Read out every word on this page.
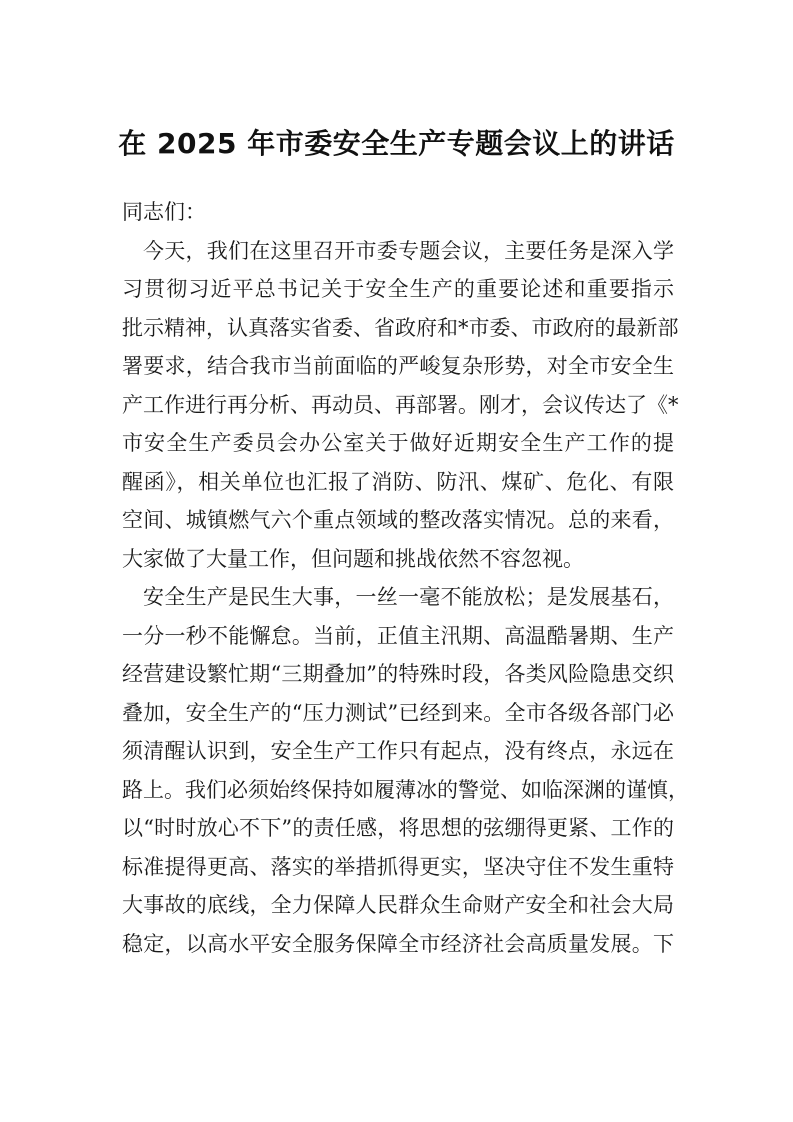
在 2025 年市委安全生产专题会议上的讲话
同志们：
今天，我们在这里召开市委专题会议，主要任务是深入学
习贯彻习近平总书记关于安全生产的重要论述和重要指示
批示精神，认真落实省委、省政府和*市委、市政府的最新部
署要求，结合我市当前面临的严峻复杂形势，对全市安全生
产工作进行再分析、再动员、再部署。刚才，会议传达了《*
市安全生产委员会办公室关于做好近期安全生产工作的提
醒函》，相关单位也汇报了消防、防汛、煤矿、危化、有限
空间、城镇燃气六个重点领域的整改落实情况。总的来看，
大家做了大量工作，但问题和挑战依然不容忽视。
安全生产是民生大事，一丝一毫不能放松；是发展基石，
一分一秒不能懈怠。当前，正值主汛期、高温酷暑期、生产
经营建设繁忙期“三期叠加”的特殊时段，各类风险隐患交织
叠加，安全生产的“压力测试”已经到来。全市各级各部门必
须清醒认识到，安全生产工作只有起点，没有终点，永远在
路上。我们必须始终保持如履薄冰的警觉、如临深渊的谨慎，
以“时时放心不下”的责任感，将思想的弦绷得更紧、工作的
标准提得更高、落实的举措抓得更实，坚决守住不发生重特
大事故的底线，全力保障人民群众生命财产安全和社会大局
稳定，以高水平安全服务保障全市经济社会高质量发展。下
